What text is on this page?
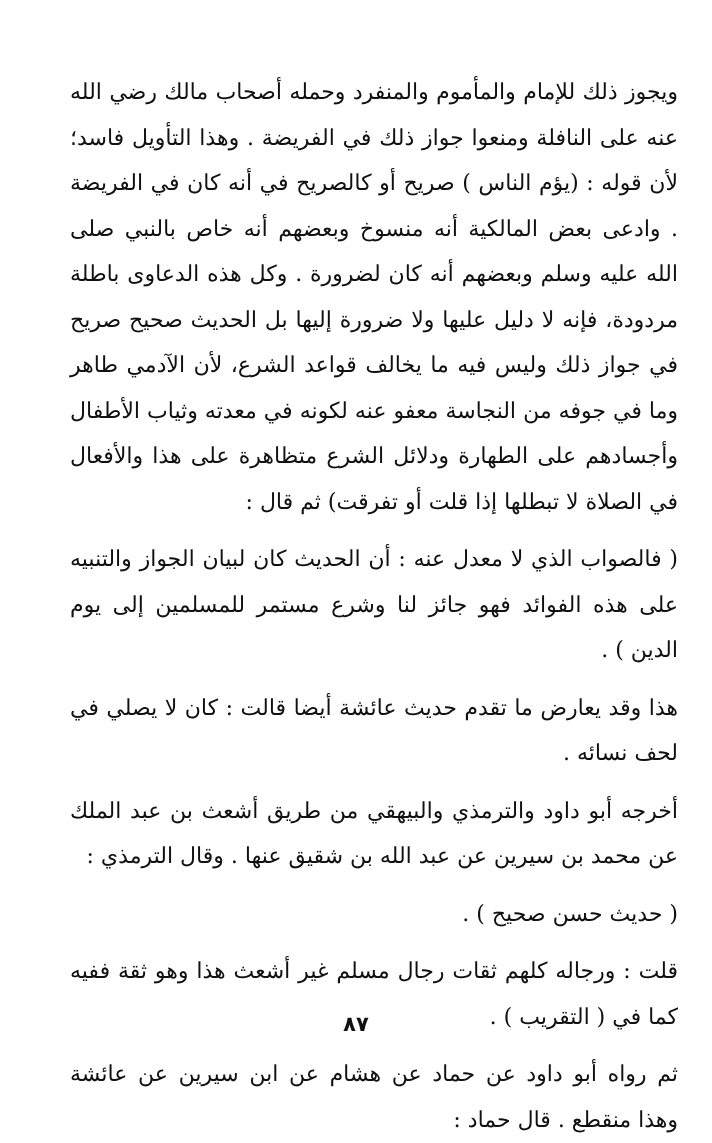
ويجوز ذلك للإمام والمأموم والمنفرد وحمله أصحاب مالك رضي الله عنه على النافلة ومنعوا جواز ذلك في الفريضة . وهذا التأويل فاسد؛ لأن قوله : (يؤم الناس ) صريح أو كالصريح في أنه كان في الفريضة . وادعى بعض المالكية أنه منسوخ وبعضهم أنه خاص بالنبي صلى الله عليه وسلم وبعضهم أنه كان لضرورة . وكل هذه الدعاوى باطلة مردودة، فإنه لا دليل عليها ولا ضرورة إليها بل الحديث صحيح صريح في جواز ذلك وليس فيه ما يخالف قواعد الشرع، لأن الآدمي طاهر وما في جوفه من النجاسة معفو عنه لكونه في معدته وثياب الأطفال وأجسادهم على الطهارة ودلائل الشرع متظاهرة على هذا والأفعال في الصلاة لا تبطلها إذا قلت أو تفرقت) ثم قال :

( فالصواب الذي لا معدل عنه : أن الحديث كان لبيان الجواز والتنبيه على هذه الفوائد فهو جائز لنا وشرع مستمر للمسلمين إلى يوم الدين ) .

هذا وقد يعارض ما تقدم حديث عائشة أيضا قالت : كان لا يصلي في لحف نسائه .

أخرجه أبو داود والترمذي والبيهقي من طريق أشعث بن عبد الملك عن محمد بن سيرين عن عبد الله بن شقيق عنها . وقال الترمذي :

( حديث حسن صحيح ) .

قلت : ورجاله كلهم ثقات رجال مسلم غير أشعث هذا وهو ثقة ففيه كما في ( التقريب ) .

ثم رواه أبو داود عن حماد عن هشام عن ابن سيرين عن عائشة وهذا منقطع . قال حماد :

٨٧
